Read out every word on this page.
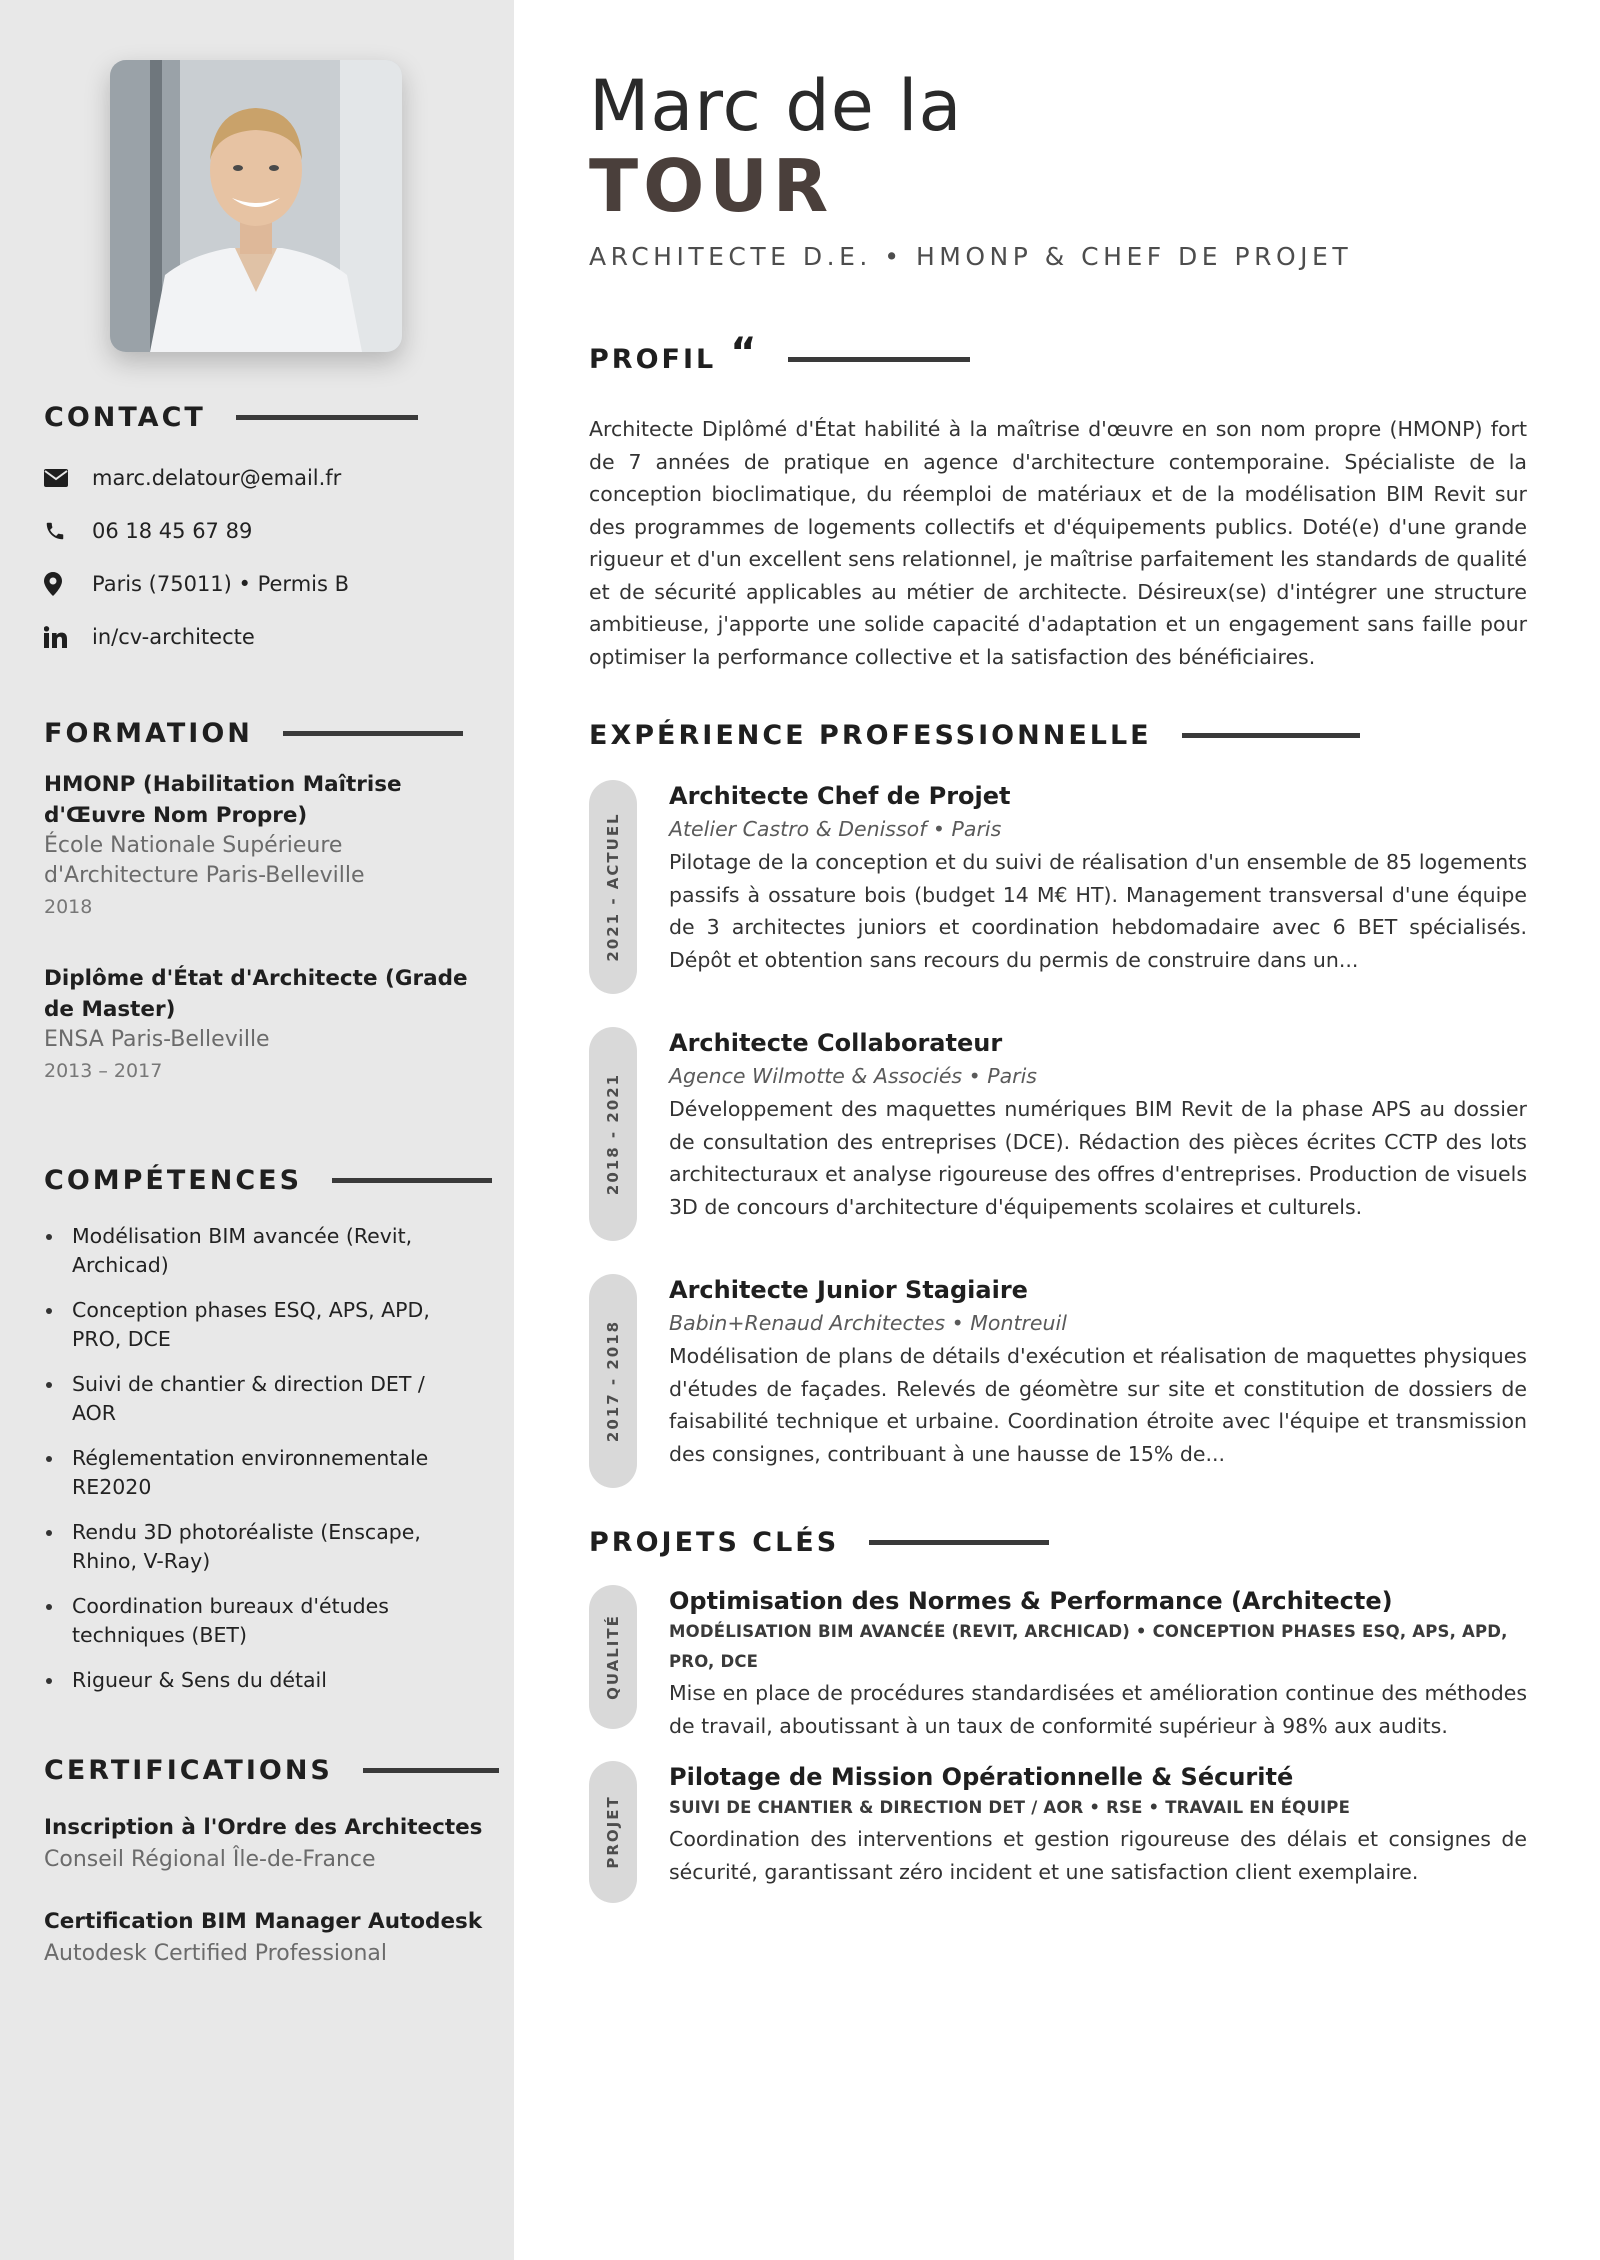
CONTACT
marc.delatour@email.fr
06 18 45 67 89
Paris (75011) • Permis B
in/cv-architecte
FORMATION
HMONP (Habilitation Maîtrise d'Œuvre Nom Propre)
École Nationale Supérieure d'Architecture Paris-Belleville
2018
Diplôme d'État d'Architecte (Grade de Master)
ENSA Paris-Belleville
2013 – 2017
COMPÉTENCES
Modélisation BIM avancée (Revit, Archicad)
Conception phases ESQ, APS, APD, PRO, DCE
Suivi de chantier & direction DET / AOR
Réglementation environnementale RE2020
Rendu 3D photoréaliste (Enscape, Rhino, V-Ray)
Coordination bureaux d'études techniques (BET)
Rigueur & Sens du détail
CERTIFICATIONS
Inscription à l'Ordre des Architectes
Conseil Régional Île-de-France
Certification BIM Manager Autodesk
Autodesk Certified Professional
Marc de la
TOUR
ARCHITECTE D.E. • HMONP & CHEF DE PROJET
PROFIL “

Architecte Diplômé d'État habilité à la maîtrise d'œuvre en son nom propre (HMONP) fort de 7 années de pratique en agence d'architecture contemporaine. Spécialiste de la conception bioclimatique, du réemploi de matériaux et de la modélisation BIM Revit sur des programmes de logements collectifs et d'équipements publics. Doté(e) d'une grande rigueur et d'un excellent sens relationnel, je maîtrise parfaitement les standards de qualité et de sécurité applicables au métier de architecte. Désireux(se) d'intégrer une structure ambitieuse, j'apporte une solide capacité d'adaptation et un engagement sans faille pour optimiser la performance collective et la satisfaction des bénéficiaires.

EXPÉRIENCE PROFESSIONNELLE
2021 - ACTUEL
Architecte Chef de Projet
Atelier Castro & Denissof • Paris
Pilotage de la conception et du suivi de réalisation d'un ensemble de 85 logements passifs à ossature bois (budget 14 M€ HT). Management transversal d'une équipe de 3 architectes juniors et coordination hebdomadaire avec 6 BET spécialisés. Dépôt et obtention sans recours du permis de construire dans un...
2018 - 2021
Architecte Collaborateur
Agence Wilmotte & Associés • Paris
Développement des maquettes numériques BIM Revit de la phase APS au dossier de consultation des entreprises (DCE). Rédaction des pièces écrites CCTP des lots architecturaux et analyse rigoureuse des offres d'entreprises. Production de visuels 3D de concours d'architecture d'équipements scolaires et culturels.
2017 - 2018
Architecte Junior Stagiaire
Babin+Renaud Architectes • Montreuil
Modélisation de plans de détails d'exécution et réalisation de maquettes physiques d'études de façades. Relevés de géomètre sur site et constitution de dossiers de faisabilité technique et urbaine. Coordination étroite avec l'équipe et transmission des consignes, contribuant à une hausse de 15% de...
PROJETS CLÉS
QUALITÉ
Optimisation des Normes & Performance (Architecte)
MODÉLISATION BIM AVANCÉE (REVIT, ARCHICAD) • CONCEPTION PHASES ESQ, APS, APD, PRO, DCE
Mise en place de procédures standardisées et amélioration continue des méthodes de travail, aboutissant à un taux de conformité supérieur à 98% aux audits.
PROJET
Pilotage de Mission Opérationnelle & Sécurité
SUIVI DE CHANTIER & DIRECTION DET / AOR • RSE • TRAVAIL EN ÉQUIPE
Coordination des interventions et gestion rigoureuse des délais et consignes de sécurité, garantissant zéro incident et une satisfaction client exemplaire.
